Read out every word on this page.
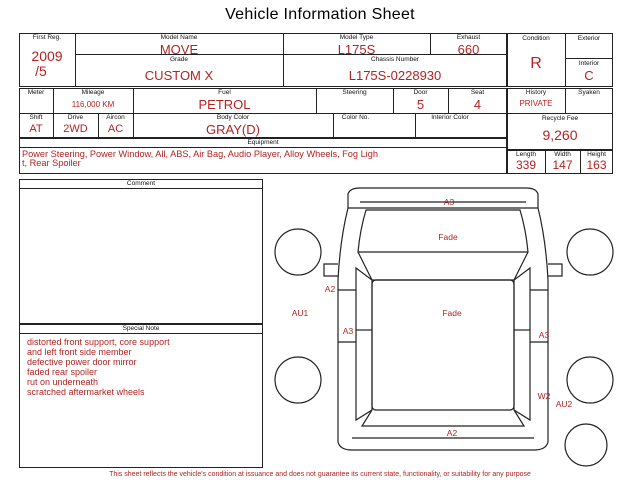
Vehicle Information Sheet
First Reg.
2009
/5
Model Name
MOVE
Model Type
L175S
Exhaust
660
Grade
CUSTOM X
Chassis Number
L175S-0228930
Condition
R
Exterior
Interior
C
Meter	Mileage
116,000 KM
Fuel
PETROL
Steering	Door
5
Seat
4
Shift
AT
Drive
2WD
Aircon
AC
Body Color
GRAY(D)
Color No.	Interior Color
History
PRIVATE
Syaken
Recycle Fee
9,260
Equipment
Power Steering, Power Window, All, ABS, Air Bag, Audio Player, Alloy Wheels, Fog Ligh
t, Rear Spoiler
Length
339
Width
147
Height
163
Comment
Special Note
distorted front support, core support
and left front side member
defective power door mirror
faded rear spoiler
rut on underneath
scratched aftermarket wheels
A3
Fade
A2
AU1
A3
Fade
A3
W2
AU2
A2
This sheet reflects the vehicle's condition at issuance and does not guarantee its current state, functionality, or suitability for any purpose
